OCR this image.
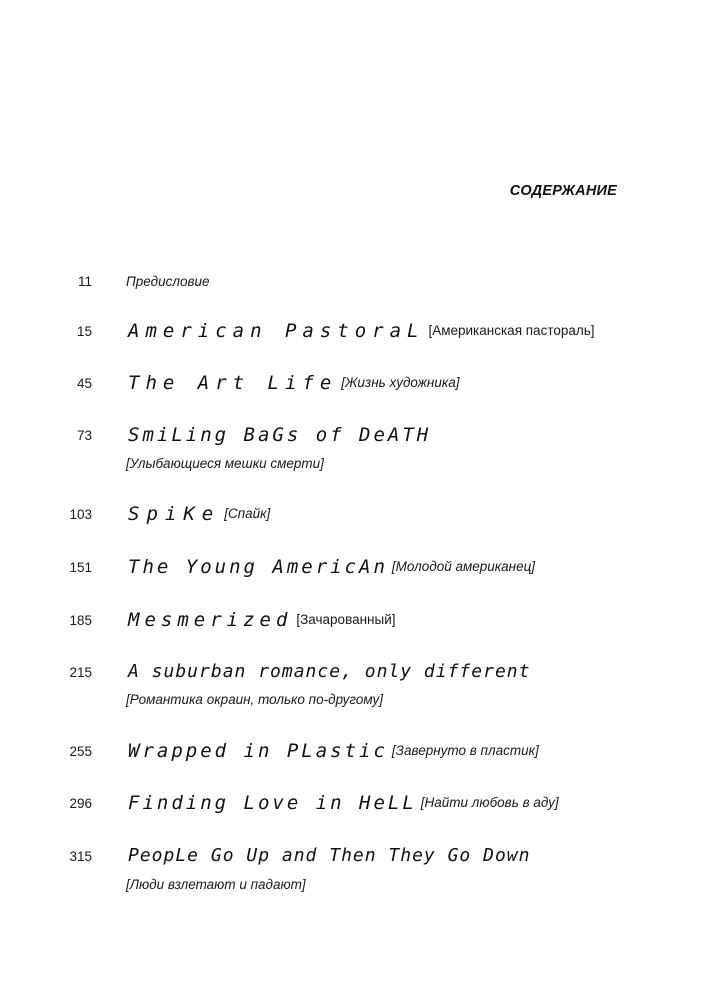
СОДЕРЖАНИЕ
11	Предисловие
15 American PastoraL [Американская пастораль]
45 The Art Life [Жизнь художника]
73 SmiLing BaGs of DeATH
[Улыбающиеся мешки смерти]
103 SpiKe [Спайк]
151 The Young AmericAn [Молодой американец]
185 Mesmerized [Зачарованный]
215 A suburban romance, only different
[Романтика окраин, только по-другому]
255 Wrapped in PLastic [Завернуто в пластик]
296 Finding Love in HeLL [Найти любовь в аду]
315 PeopLe Go Up and Then They Go Down
[Люди взлетают и падают]
